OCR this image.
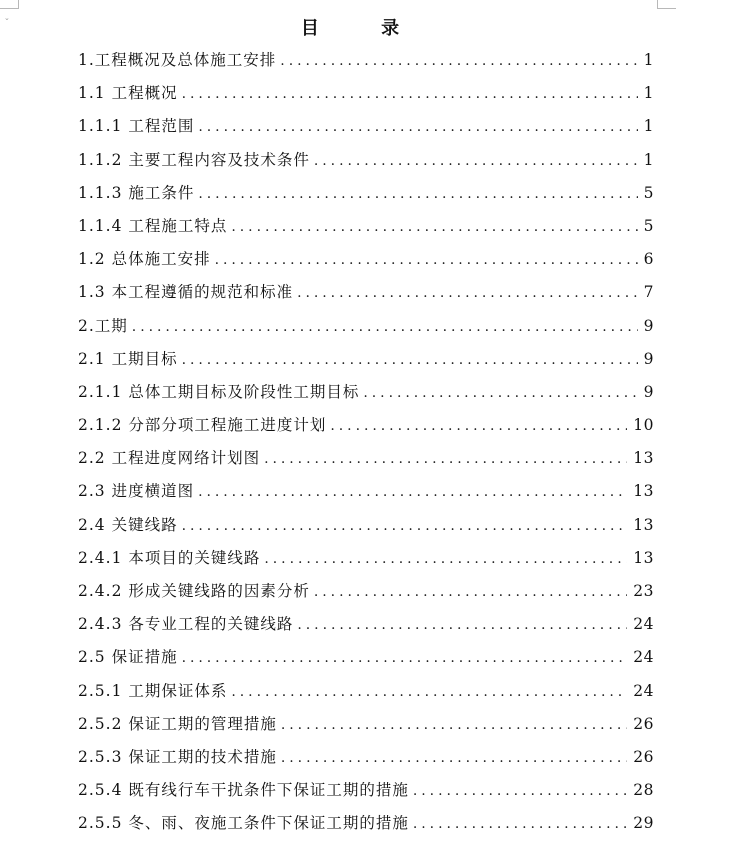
⌄	目 录
1.工程概况及总体施工安排 . . .	1
1.1 工程概况 . . .	1
1.1.1 工程范围 . . .	1
1.1.2 主要工程内容及技术条件 . . .	1
1.1.3 施工条件 . . .	5
1.1.4 工程施工特点 . . .	5
1.2 总体施工安排 . . .	6
1.3 本工程遵循的规范和标准 . . .	7
2.工期 . . .	9
2.1 工期目标 . . .	9
2.1.1 总体工期目标及阶段性工期目标 . . .	9
2.1.2 分部分项工程施工进度计划 . . .	10
2.2 工程进度网络计划图 . . .	13
2.3 进度横道图 . . .	13
2.4 关键线路 . . .	13
2.4.1 本项目的关键线路 . . .	13
2.4.2 形成关键线路的因素分析 . . .	23
2.4.3 各专业工程的关键线路 . . .	24
2.5 保证措施 . . .	24
2.5.1 工期保证体系 . . .	24
2.5.2 保证工期的管理措施 . . .	26
2.5.3 保证工期的技术措施 . . .	26
2.5.4 既有线行车干扰条件下保证工期的措施 . . .	28
2.5.5 冬、雨、夜施工条件下保证工期的措施 . . .	29
